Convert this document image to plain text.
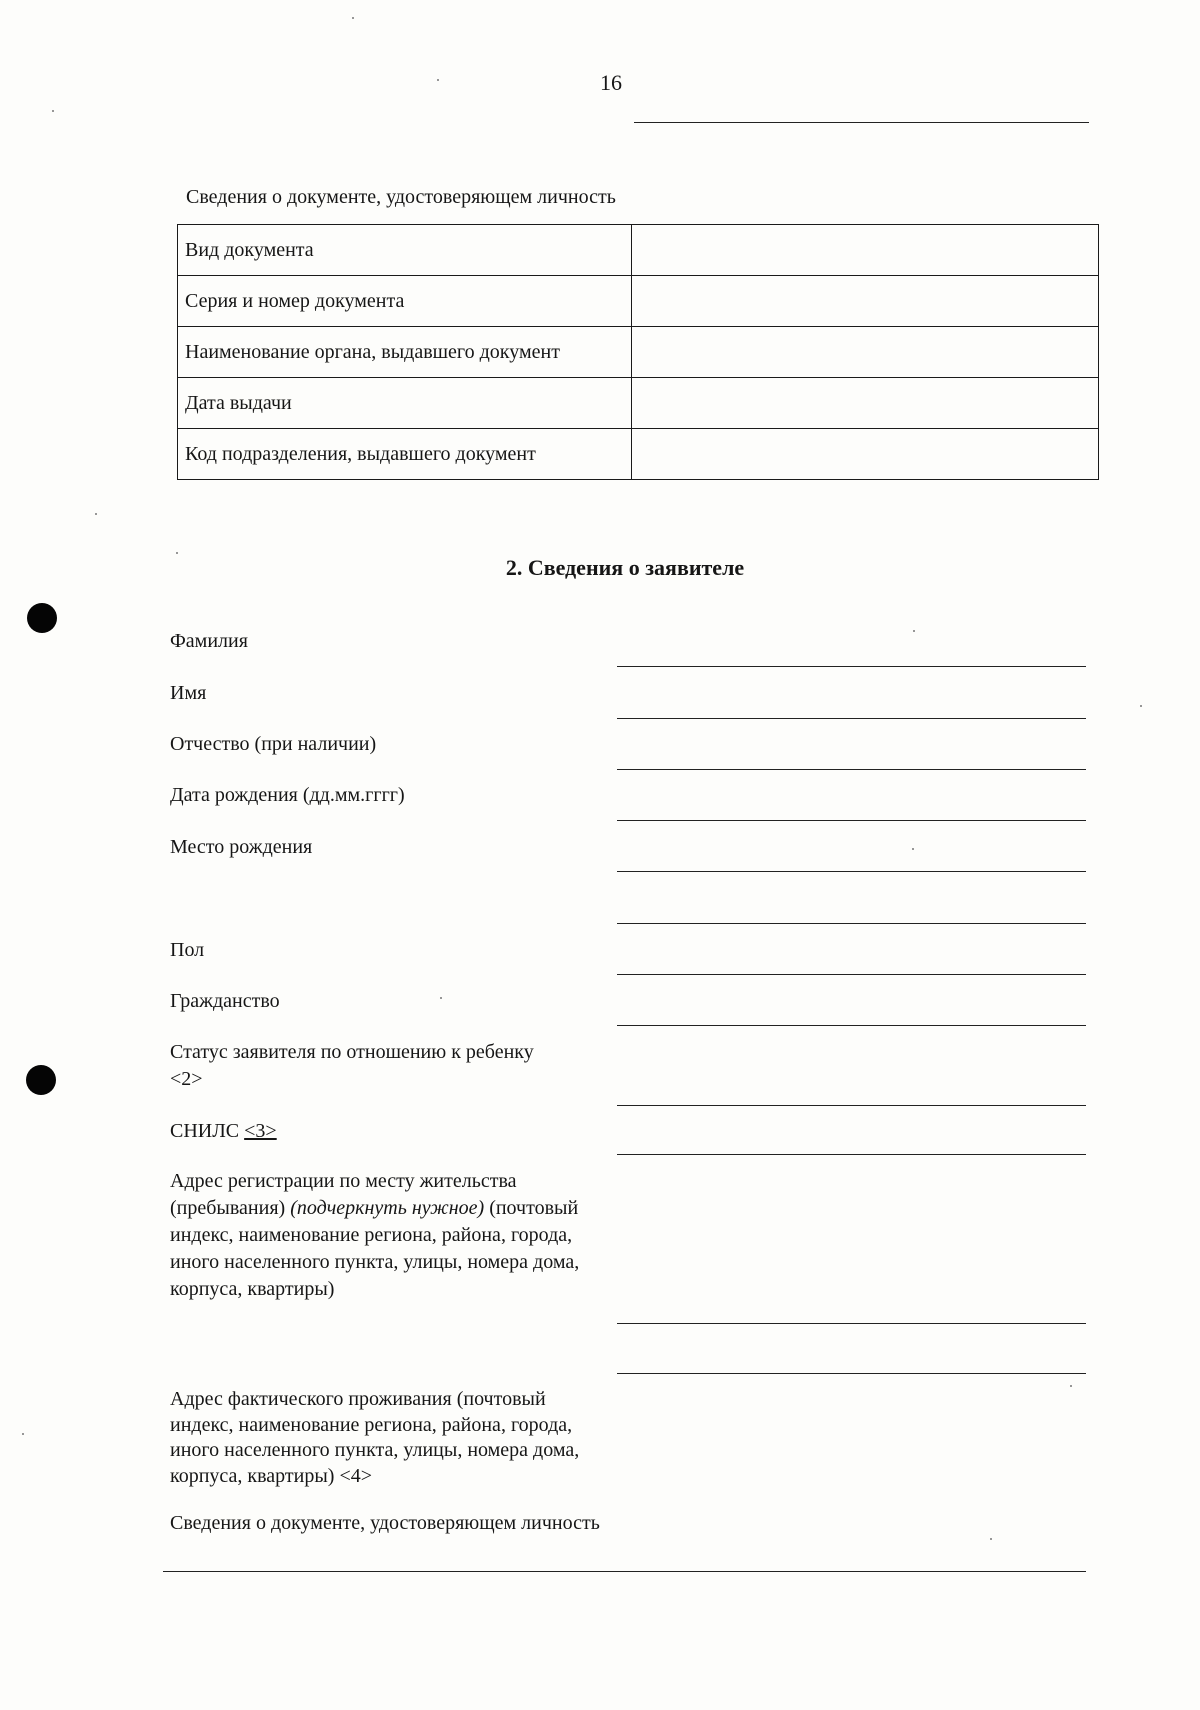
16
Сведения о документе, удостоверяющем личность
Вид документа	
Серия и номер документа	
Наименование органа, выдавшего документ	
Дата выдачи	
Код подразделения, выдавшего документ	
2. Сведения о заявителе
Фамилия
Имя
Отчество (при наличии)
Дата рождения (дд.мм.гггг)
Место рождения
Пол
Гражданство
Статус заявителя по отношению к ребенку
<2>
СНИЛС <3>
Адрес регистрации по месту жительства (пребывания) (подчеркнуть нужное) (почтовый индекс, наименование региона, района, города, иного населенного пункта, улицы, номера дома, корпуса, квартиры)
Адрес фактического проживания (почтовый индекс, наименование региона, района, города, иного населенного пункта, улицы, номера дома, корпуса, квартиры) <4>
Сведения о документе, удостоверяющем личность
